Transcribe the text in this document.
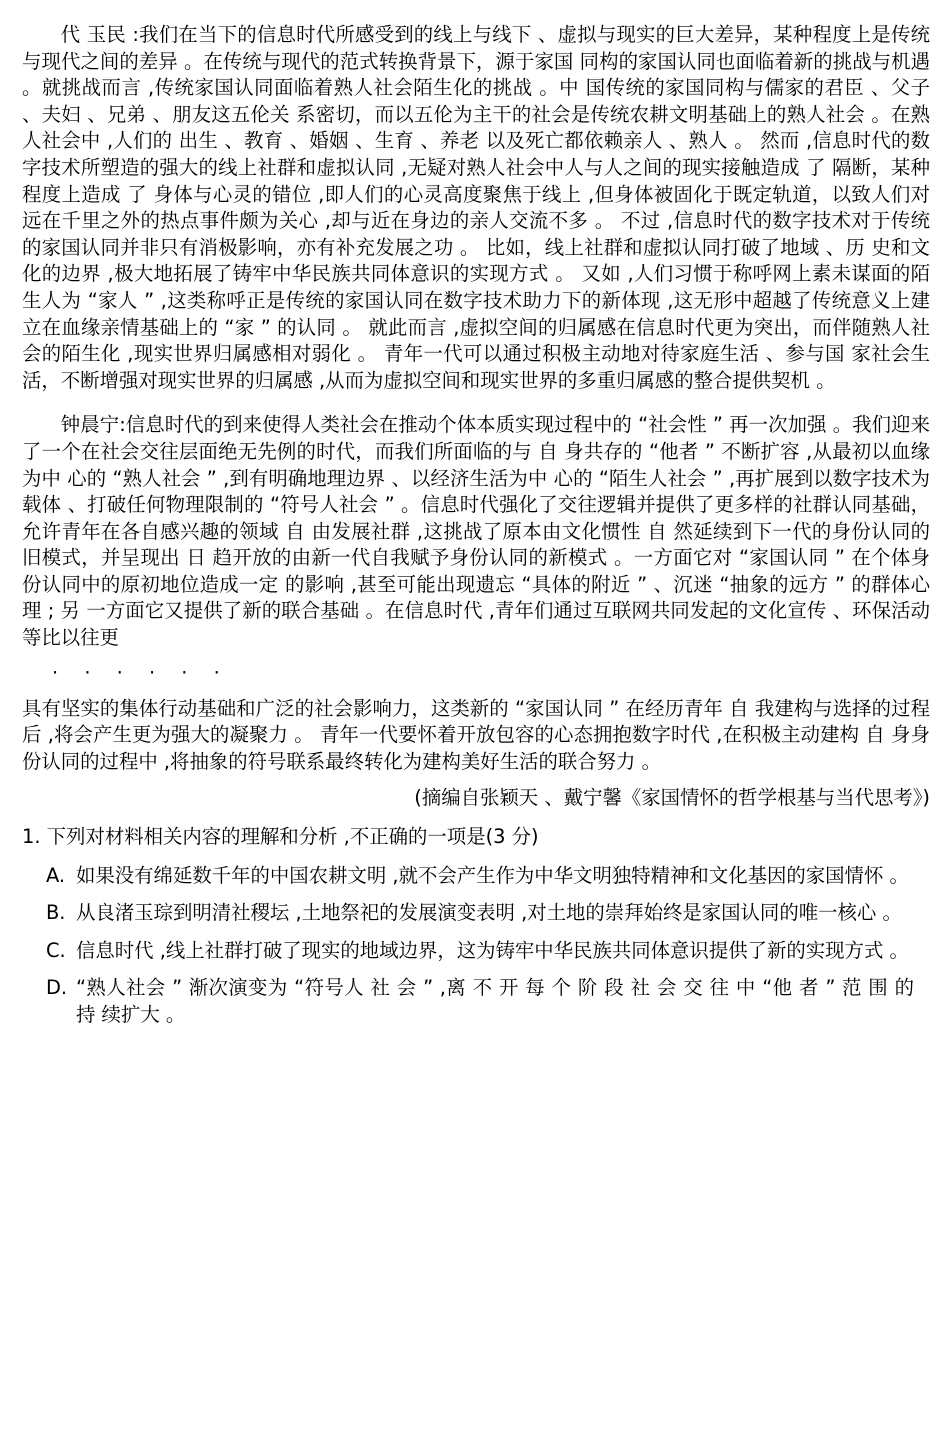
代 玉民 :我们在当下的信息时代所感受到的线上与线下 、虚拟与现实的巨大差异，某种程度上是传统与现代之间的差异 。在传统与现代的范式转换背景下，源于家国 同构的家国认同也面临着新的挑战与机遇 。就挑战而言 ,传统家国认同面临着熟人社会陌生化的挑战 。中 国传统的家国同构与儒家的君臣 、父子 、夫妇 、兄弟 、朋友这五伦关 系密切，而以五伦为主干的社会是传统农耕文明基础上的熟人社会 。在熟人社会中 ,人们的 出生 、教育 、婚姻 、生育 、养老 以及死亡都依赖亲人 、熟人 。 然而 ,信息时代的数字技术所塑造的强大的线上社群和虚拟认同 ,无疑对熟人社会中人与人之间的现实接触造成 了 隔断，某种程度上造成 了 身体与心灵的错位 ,即人们的心灵高度聚焦于线上 ,但身体被固化于既定轨道，以致人们对远在千里之外的热点事件颇为关心 ,却与近在身边的亲人交流不多 。 不过 ,信息时代的数字技术对于传统的家国认同并非只有消极影响，亦有补充发展之功 。 比如，线上社群和虚拟认同打破了地域 、历 史和文化的边界 ,极大地拓展了铸牢中华民族共同体意识的实现方式 。 又如 ,人们习惯于称呼网上素未谋面的陌生人为 “家人 ” ,这类称呼正是传统的家国认同在数字技术助力下的新体现 ,这无形中超越了传统意义上建立在血缘亲情基础上的 “家 ” 的认同 。 就此而言 ,虚拟空间的归属感在信息时代更为突出，而伴随熟人社会的陌生化 ,现实世界归属感相对弱化 。 青年一代可以通过积极主动地对待家庭生活 、参与国 家社会生活，不断增强对现实世界的归属感 ,从而为虚拟空间和现实世界的多重归属感的整合提供契机 。

钟晨宁:信息时代的到来使得人类社会在推动个体本质实现过程中的 “社会性 ” 再一次加强 。我们迎来了一个在社会交往层面绝无先例的时代，而我们所面临的与 自 身共存的 “他者 ” 不断扩容 ,从最初以血缘为中 心的 “熟人社会 ” ,到有明确地理边界 、以经济生活为中 心的 “陌生人社会 ” ,再扩展到以数字技术为载体 、打破任何物理限制的 “符号人社会 ” 。信息时代强化了交往逻辑并提供了更多样的社群认同基础，允许青年在各自感兴趣的领域 自 由发展社群 ,这挑战了原本由文化惯性 自 然延续到下一代的身份认同的旧模式，并呈现出 日 趋开放的由新一代自我赋予身份认同的新模式 。一方面它对 “家国认同 ” 在个体身份认同中的原初地位造成一定 的影响 ,甚至可能出现遗忘 “具体的附近 ” 、沉迷 “抽象的远方 ” 的群体心理 ; 另 一方面它又提供了新的联合基础 。在信息时代 ,青年们通过互联网共同发起的文化宣传 、环保活动等比以往更

· · · · · ·

具有坚实的集体行动基础和广泛的社会影响力，这类新的 “家国认同 ” 在经历青年 自 我建构与选择的过程后 ,将会产生更为强大的凝聚力 。 青年一代要怀着开放包容的心态拥抱数字时代 ,在积极主动建构 自 身身份认同的过程中 ,将抽象的符号联系最终转化为建构美好生活的联合努力 。

(摘编自张颖天 、戴宁馨《家国情怀的哲学根基与当代思考》)

1. 下列对材料相关内容的理解和分析 ,不正确的一项是(3 分)

A. 如果没有绵延数千年的中国农耕文明 ,就不会产生作为中华文明独特精神和文化基因的家国情怀 。
B. 从良渚玉琮到明清社稷坛 ,土地祭祀的发展演变表明 ,对土地的崇拜始终是家国认同的唯一核心 。
C. 信息时代 ,线上社群打破了现实的地域边界，这为铸牢中华民族共同体意识提供了新的实现方式 。
D. “熟人社会 ” 渐次演变为 “符号人 社 会 ” ,离 不 开 每 个 阶 段 社 会 交 往 中 “他 者 ” 范 围 的 持 续扩大 。
